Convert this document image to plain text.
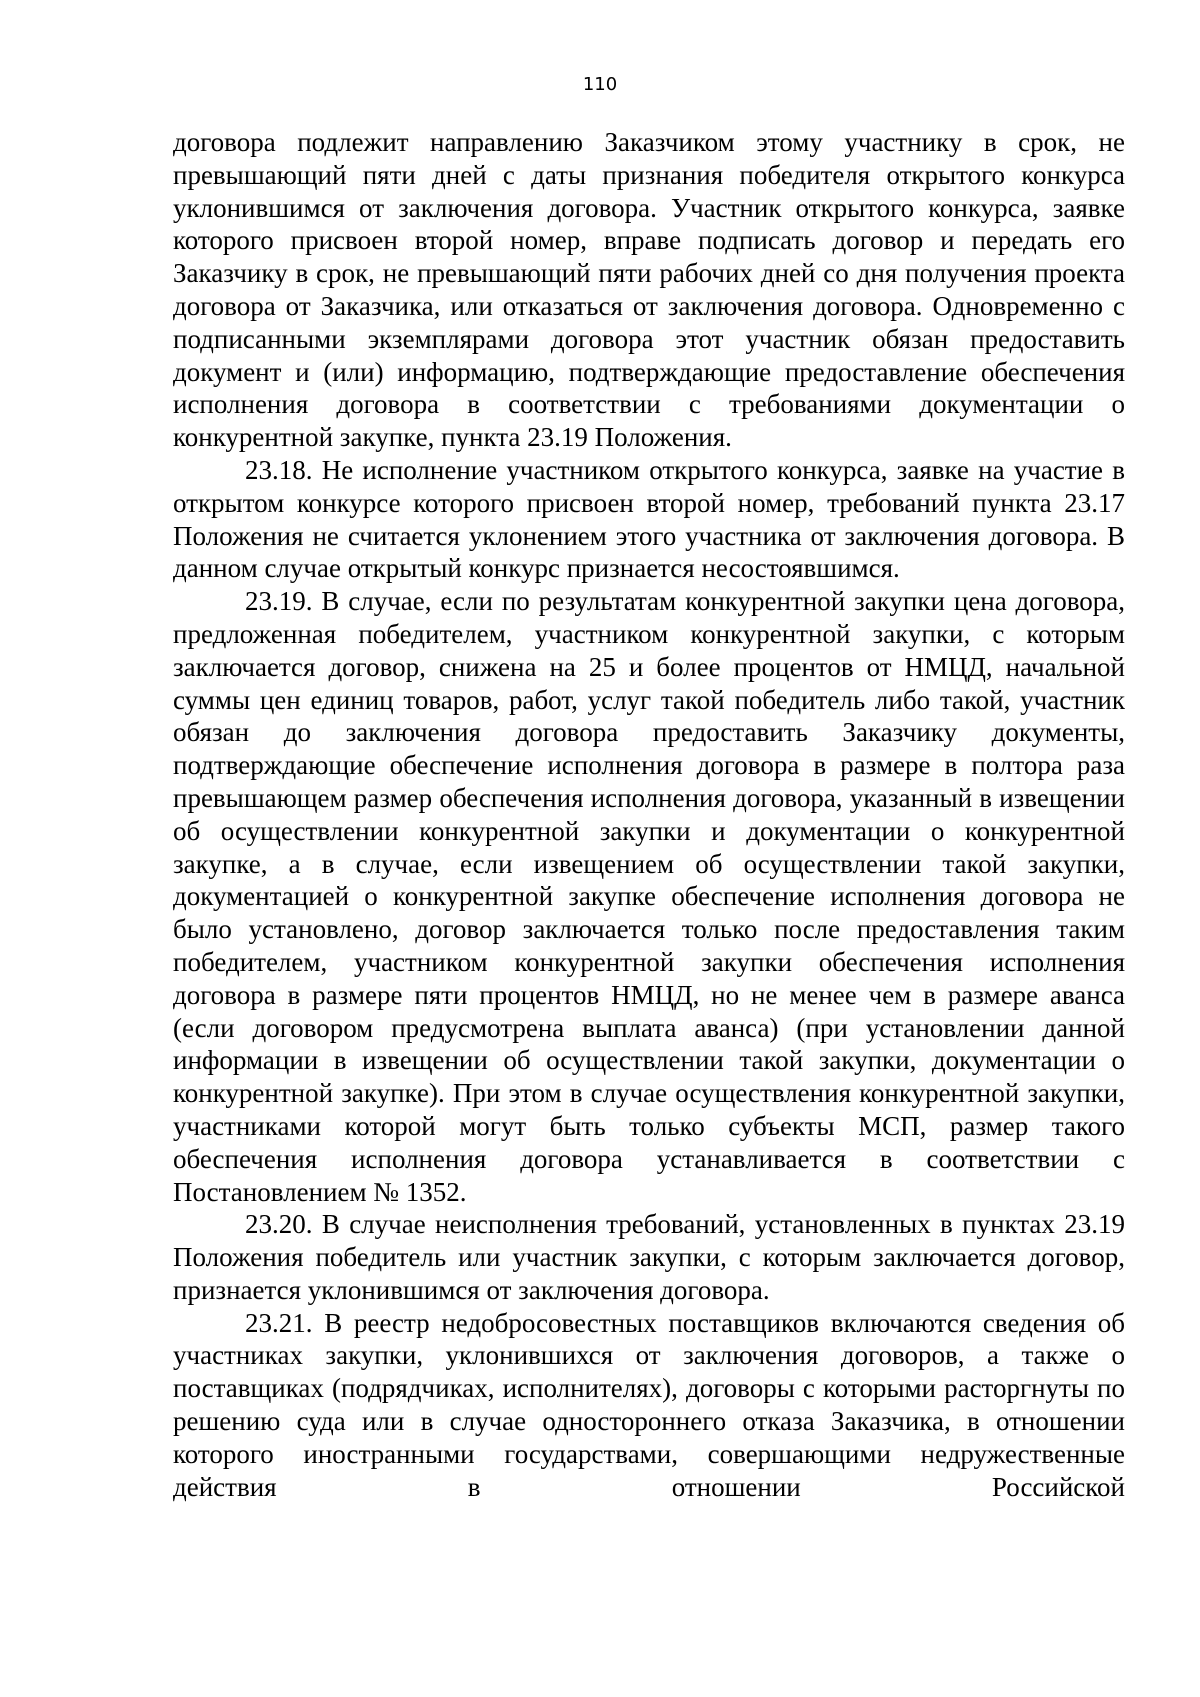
110

договора подлежит направлению Заказчиком этому участнику в срок, не превышающий пяти дней с даты признания победителя открытого конкурса уклонившимся от заключения договора. Участник открытого конкурса, заявке которого присвоен второй номер, вправе подписать договор и передать его Заказчику в срок, не превышающий пяти рабочих дней со дня получения проекта договора от Заказчика, или отказаться от заключения договора. Одновременно с подписанными экземплярами договора этот участник обязан предоставить документ и (или) информацию, подтверждающие предоставление обеспечения исполнения договора в соответствии с требованиями документации о конкурентной закупке, пункта 23.19 Положения.

23.18. Не исполнение участником открытого конкурса, заявке на участие в открытом конкурсе которого присвоен второй номер, требований пункта 23.17 Положения не считается уклонением этого участника от заключения договора. В данном случае открытый конкурс признается несостоявшимся.

23.19. В случае, если по результатам конкурентной закупки цена договора, предложенная победителем, участником конкурентной закупки, с которым заключается договор, снижена на 25 и более процентов от НМЦД, начальной суммы цен единиц товаров, работ, услуг такой победитель либо такой, участник обязан до заключения договора предоставить Заказчику документы, подтверждающие обеспечение исполнения договора в размере в полтора раза превышающем размер обеспечения исполнения договора, указанный в извещении об осуществлении конкурентной закупки и документации о конкурентной закупке, а в случае, если извещением об осуществлении такой закупки, документацией о конкурентной закупке обеспечение исполнения договора не было установлено, договор заключается только после предоставления таким победителем, участником конкурентной закупки обеспечения исполнения договора в размере пяти процентов НМЦД, но не менее чем в размере аванса (если договором предусмотрена выплата аванса) (при установлении данной информации в извещении об осуществлении такой закупки, документации о конкурентной закупке). При этом в случае осуществления конкурентной закупки, участниками которой могут быть только субъекты МСП, размер такого обеспечения исполнения договора устанавливается в соответствии с Постановлением № 1352.

23.20. В случае неисполнения требований, установленных в пунктах 23.19 Положения победитель или участник закупки, с которым заключается договор, признается уклонившимся от заключения договора.

23.21. В реестр недобросовестных поставщиков включаются сведения об участниках закупки, уклонившихся от заключения договоров, а также о поставщиках (подрядчиках, исполнителях), договоры с которыми расторгнуты по решению суда или в случае одностороннего отказа Заказчика, в отношении которого иностранными государствами, совершающими недружественные действия в отношении Российской
